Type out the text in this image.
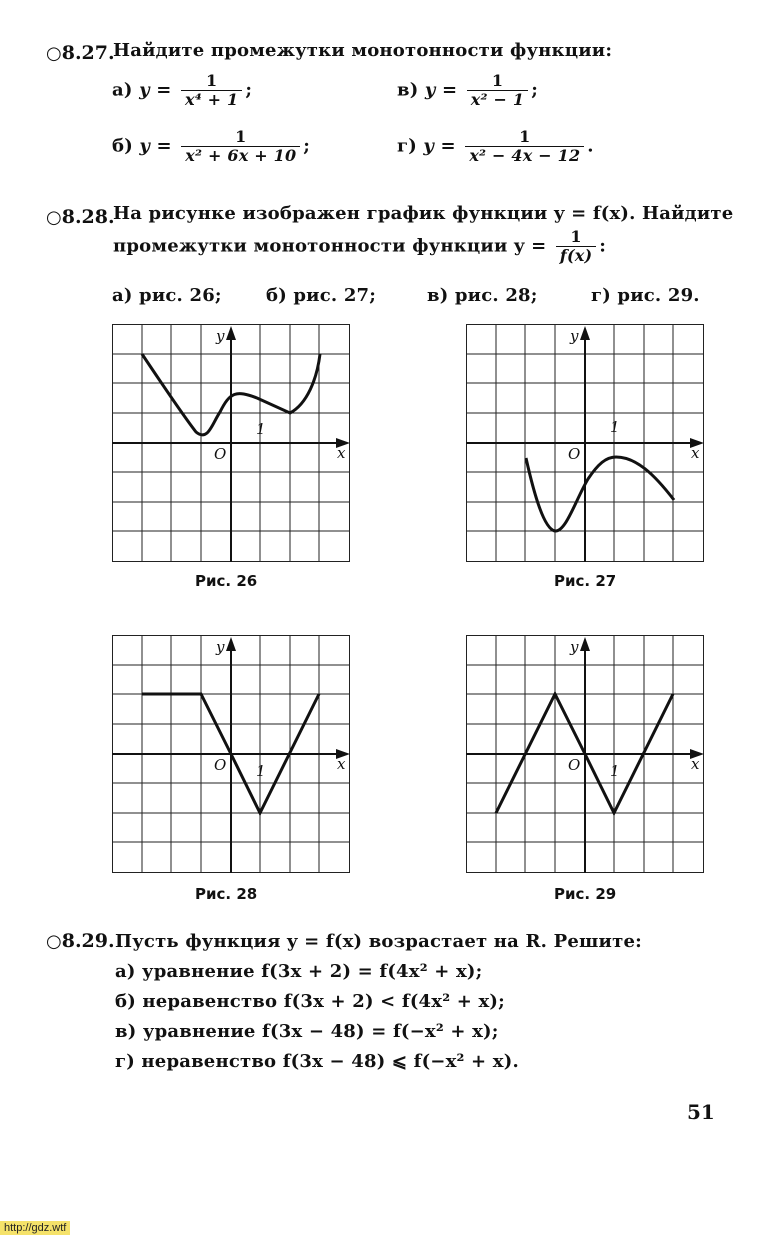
○8.27.
Найдите промежутки монотонности функции:
а) $y = \frac{1}{\text{x⁴ + 1}}$ ;	в) $y = \frac{1}{\text{x² − 1}}$ ;
б) $y = \frac{1}{\text{x² + 6x + 10}}$ ;	г) $y = \frac{1}{\text{x² − 4x − 12}}$ .
○8.28.
На рисунке изображен график функции y = f(x). Найдите
промежутки монотонности функции $y = \frac{1}{f(x)}$ :
а) рис. 26; б) рис. 27;	в) рис. 28;	г) рис. 29.
y
x
O
1
Рис. 26
y
x
O
1
Рис. 27
y
x
O 1
Рис. 28
y
x
O 1
Рис. 29
○8.29. Пусть функция y = f(x) возрастает на R. Решите:
а) уравнение f(3x + 2) = f(4x² + x);
б) неравенство f(3x + 2) < f(4x² + x);
в) уравнение f(3x − 48) = f(−x² + x);
г) неравенство f(3x − 48) ⩽ f(−x² + x).
51
http://gdz.wtf
